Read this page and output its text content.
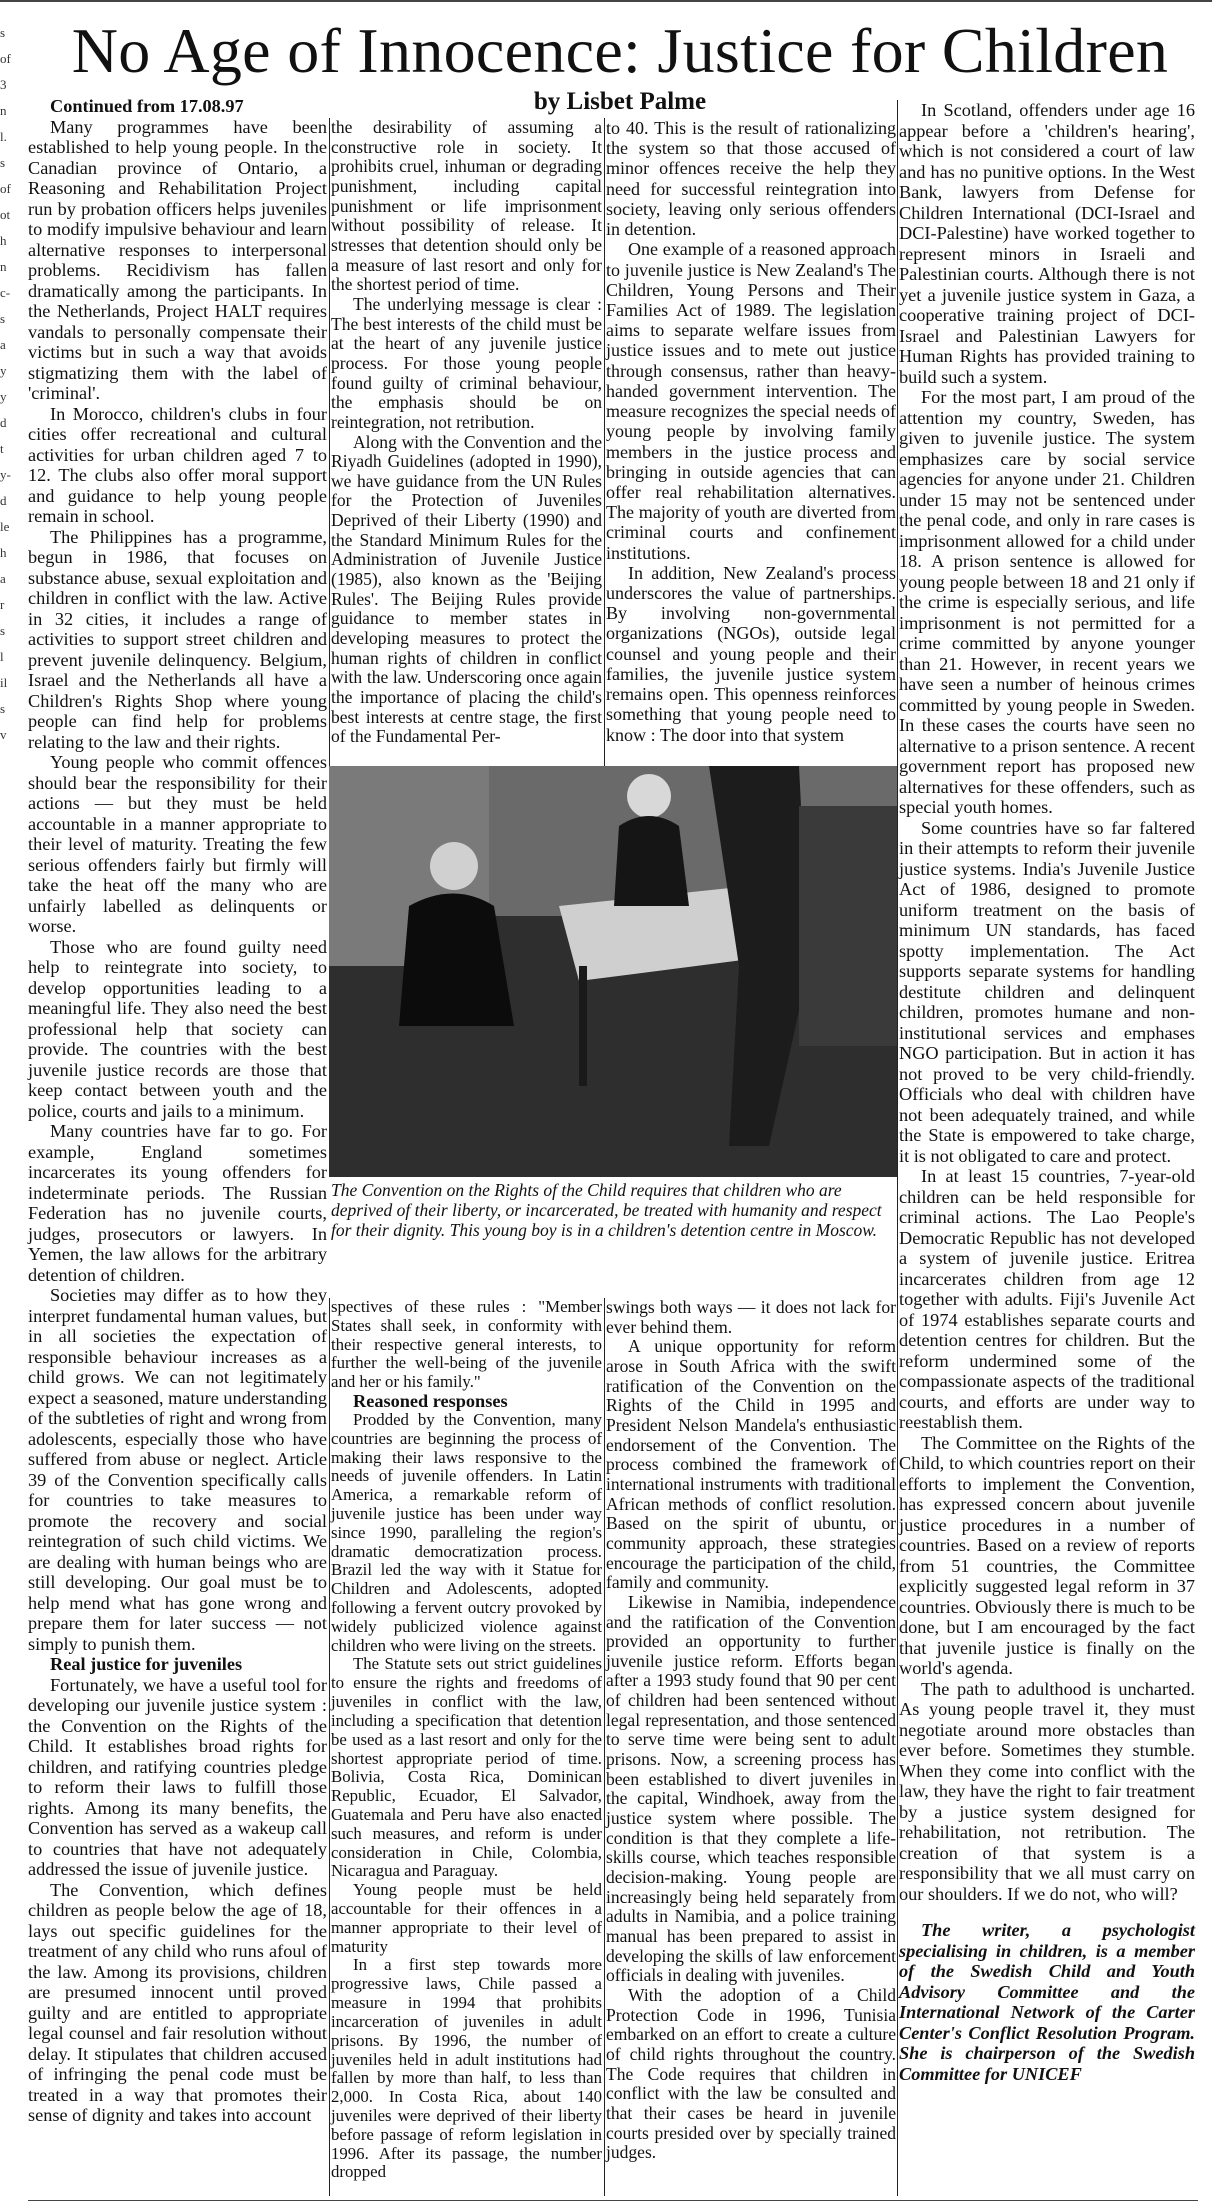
s
of
3
n
l.
s
of
ot
h
n
c-
s
a
y
y
d
t
y-
d
le
h
a
r
s
l
il
s
v
No Age of Innocence: Justice for Children
by Lisbet Palme

Continued from 17.08.97

Many programmes have been established to help young people. In the Canadian province of Ontario, a Reasoning and Rehabilitation Project run by probation officers helps juveniles to modify impulsive behaviour and learn alternative responses to interpersonal problems. Recidivism has fallen dramatically among the participants. In the Netherlands, Project HALT requires vandals to personally compensate their victims but in such a way that avoids stigmatizing them with the label of 'criminal'.

In Morocco, children's clubs in four cities offer recreational and cultural activities for urban children aged 7 to 12. The clubs also offer moral support and guidance to help young people remain in school.

The Philippines has a programme, begun in 1986, that focuses on substance abuse, sexual exploitation and children in conflict with the law. Active in 32 cities, it includes a range of activities to support street children and prevent juvenile delinquency. Belgium, Israel and the Netherlands all have a Children's Rights Shop where young people can find help for problems relating to the law and their rights.

Young people who commit offences should bear the responsibility for their actions — but they must be held accountable in a manner appropriate to their level of maturity. Treating the few serious offenders fairly but firmly will take the heat off the many who are unfairly labelled as delinquents or worse.

Those who are found guilty need help to reintegrate into society, to develop opportunities leading to a meaningful life. They also need the best professional help that society can provide. The countries with the best juvenile justice records are those that keep contact between youth and the police, courts and jails to a minimum.

Many countries have far to go. For example, England sometimes incarcerates its young offenders for indeterminate periods. The Russian Federation has no juvenile courts, judges, prosecutors or lawyers. In Yemen, the law allows for the arbitrary detention of children.

Societies may differ as to how they interpret fundamental human values, but in all societies the expectation of responsible behaviour increases as a child grows. We can not legitimately expect a seasoned, mature understanding of the subtleties of right and wrong from adolescents, especially those who have suffered from abuse or neglect. Article 39 of the Convention specifically calls for countries to take measures to promote the recovery and social reintegration of such child victims. We are dealing with human beings who are still developing. Our goal must be to help mend what has gone wrong and prepare them for later success — not simply to punish them.

Real justice for juveniles

Fortunately, we have a useful tool for developing our juvenile justice system : the Convention on the Rights of the Child. It establishes broad rights for children, and ratifying countries pledge to reform their laws to fulfill those rights. Among its many benefits, the Convention has served as a wakeup call to countries that have not adequately addressed the issue of juvenile justice.

The Convention, which defines children as people below the age of 18, lays out specific guidelines for the treatment of any child who runs afoul of the law. Among its provisions, children are presumed innocent until proved guilty and are entitled to appropriate legal counsel and fair resolution without delay. It stipulates that children accused of infringing the penal code must be treated in a way that promotes their sense of dignity and takes into account

the desirability of assuming a constructive role in society. It prohibits cruel, inhuman or degrading punishment, including capital punishment or life imprisonment without possibility of release. It stresses that detention should only be a measure of last resort and only for the shortest period of time.

The underlying message is clear : The best interests of the child must be at the heart of any juvenile justice process. For those young people found guilty of criminal behaviour, the emphasis should be on reintegration, not retribution.

Along with the Convention and the Riyadh Guidelines (adopted in 1990), we have guidance from the UN Rules for the Protection of Juveniles Deprived of their Liberty (1990) and the Standard Minimum Rules for the Administration of Juvenile Justice (1985), also known as the 'Beijing Rules'. The Beijing Rules provide guidance to member states in developing measures to protect the human rights of children in conflict with the law. Underscoring once again the importance of placing the child's best interests at centre stage, the first of the Fundamental Per-

to 40. This is the result of rationalizing the system so that those accused of minor offences receive the help they need for successful reintegration into society, leaving only serious offenders in detention.

One example of a reasoned approach to juvenile justice is New Zealand's The Children, Young Persons and Their Families Act of 1989. The legislation aims to separate welfare issues from justice issues and to mete out justice through consensus, rather than heavy-handed government intervention. The measure recognizes the special needs of young people by involving family members in the justice process and bringing in outside agencies that can offer real rehabilitation alternatives. The majority of youth are diverted from criminal courts and confinement institutions.

In addition, New Zealand's process underscores the value of partnerships. By involving non-governmental organizations (NGOs), outside legal counsel and young people and their families, the juvenile justice system remains open. This openness reinforces something that young people need to know : The door into that system

The Convention on the Rights of the Child requires that children who are deprived of their liberty, or incarcerated, be treated with humanity and respect for their dignity. This young boy is in a children's detention centre in Moscow.

spectives of these rules : "Member States shall seek, in conformity with their respective general interests, to further the well-being of the juvenile and her or his family."

Reasoned responses

Prodded by the Convention, many countries are beginning the process of making their laws responsive to the needs of juvenile offenders. In Latin America, a remarkable reform of juvenile justice has been under way since 1990, paralleling the region's dramatic democratization process. Brazil led the way with it Statue for Children and Adolescents, adopted following a fervent outcry provoked by widely publicized violence against children who were living on the streets.

The Statute sets out strict guidelines to ensure the rights and freedoms of juveniles in conflict with the law, including a specification that detention be used as a last resort and only for the shortest appropriate period of time. Bolivia, Costa Rica, Dominican Republic, Ecuador, El Salvador, Guatemala and Peru have also enacted such measures, and reform is under consideration in Chile, Colombia, Nicaragua and Paraguay.

Young people must be held accountable for their offences in a manner appropriate to their level of maturity

In a first step towards more progressive laws, Chile passed a measure in 1994 that prohibits incarceration of juveniles in adult prisons. By 1996, the number of juveniles held in adult institutions had fallen by more than half, to less than 2,000. In Costa Rica, about 140 juveniles were deprived of their liberty before passage of reform legislation in 1996. After its passage, the number dropped

swings both ways — it does not lack for ever behind them.

A unique opportunity for reform arose in South Africa with the swift ratification of the Convention on the Rights of the Child in 1995 and President Nelson Mandela's enthusiastic endorsement of the Convention. The process combined the framework of international instruments with traditional African methods of conflict resolution. Based on the spirit of ubuntu, or community approach, these strategies encourage the participation of the child, family and community.

Likewise in Namibia, independence and the ratification of the Convention provided an opportunity to further juvenile justice reform. Efforts began after a 1993 study found that 90 per cent of children had been sentenced without legal representation, and those sentenced to serve time were being sent to adult prisons. Now, a screening process has been established to divert juveniles in the capital, Windhoek, away from the justice system where possible. The condition is that they complete a life-skills course, which teaches responsible decision-making. Young people are increasingly being held separately from adults in Namibia, and a police training manual has been prepared to assist in developing the skills of law enforcement officials in dealing with juveniles.

With the adoption of a Child Protection Code in 1996, Tunisia embarked on an effort to create a culture of child rights throughout the country. The Code requires that children in conflict with the law be consulted and that their cases be heard in juvenile courts presided over by specially trained judges.

In Scotland, offenders under age 16 appear before a 'children's hearing', which is not considered a court of law and has no punitive options. In the West Bank, lawyers from Defense for Children International (DCI-Israel and DCI-Palestine) have worked together to represent minors in Israeli and Palestinian courts. Although there is not yet a juvenile justice system in Gaza, a cooperative training project of DCI-Israel and Palestinian Lawyers for Human Rights has provided training to build such a system.

For the most part, I am proud of the attention my country, Sweden, has given to juvenile justice. The system emphasizes care by social service agencies for anyone under 21. Children under 15 may not be sentenced under the penal code, and only in rare cases is imprisonment allowed for a child under 18. A prison sentence is allowed for young people between 18 and 21 only if the crime is especially serious, and life imprisonment is not permitted for a crime committed by anyone younger than 21. However, in recent years we have seen a number of heinous crimes committed by young people in Sweden. In these cases the courts have seen no alternative to a prison sentence. A recent government report has proposed new alternatives for these offenders, such as special youth homes.

Some countries have so far faltered in their attempts to reform their juvenile justice systems. India's Juvenile Justice Act of 1986, designed to promote uniform treatment on the basis of minimum UN standards, has faced spotty implementation. The Act supports separate systems for handling destitute children and delinquent children, promotes humane and non-institutional services and emphases NGO participation. But in action it has not proved to be very child-friendly. Officials who deal with children have not been adequately trained, and while the State is empowered to take charge, it is not obligated to care and protect.

In at least 15 countries, 7-year-old children can be held responsible for criminal actions. The Lao People's Democratic Republic has not developed a system of juvenile justice. Eritrea incarcerates children from age 12 together with adults. Fiji's Juvenile Act of 1974 establishes separate courts and detention centres for children. But the reform undermined some of the compassionate aspects of the traditional courts, and efforts are under way to reestablish them.

The Committee on the Rights of the Child, to which countries report on their efforts to implement the Convention, has expressed concern about juvenile justice procedures in a number of countries. Based on a review of reports from 51 countries, the Committee explicitly suggested legal reform in 37 countries. Obviously there is much to be done, but I am encouraged by the fact that juvenile justice is finally on the world's agenda.

The path to adulthood is uncharted. As young people travel it, they must negotiate around more obstacles than ever before. Sometimes they stumble. When they come into conflict with the law, they have the right to fair treatment by a justice system designed for rehabilitation, not retribution. The creation of that system is a responsibility that we all must carry on our shoulders. If we do not, who will?

The writer, a psychologist specialising in children, is a member of the Swedish Child and Youth Advisory Committee and the International Network of the Carter Center's Conflict Resolution Program. She is chairperson of the Swedish Committee for UNICEF
